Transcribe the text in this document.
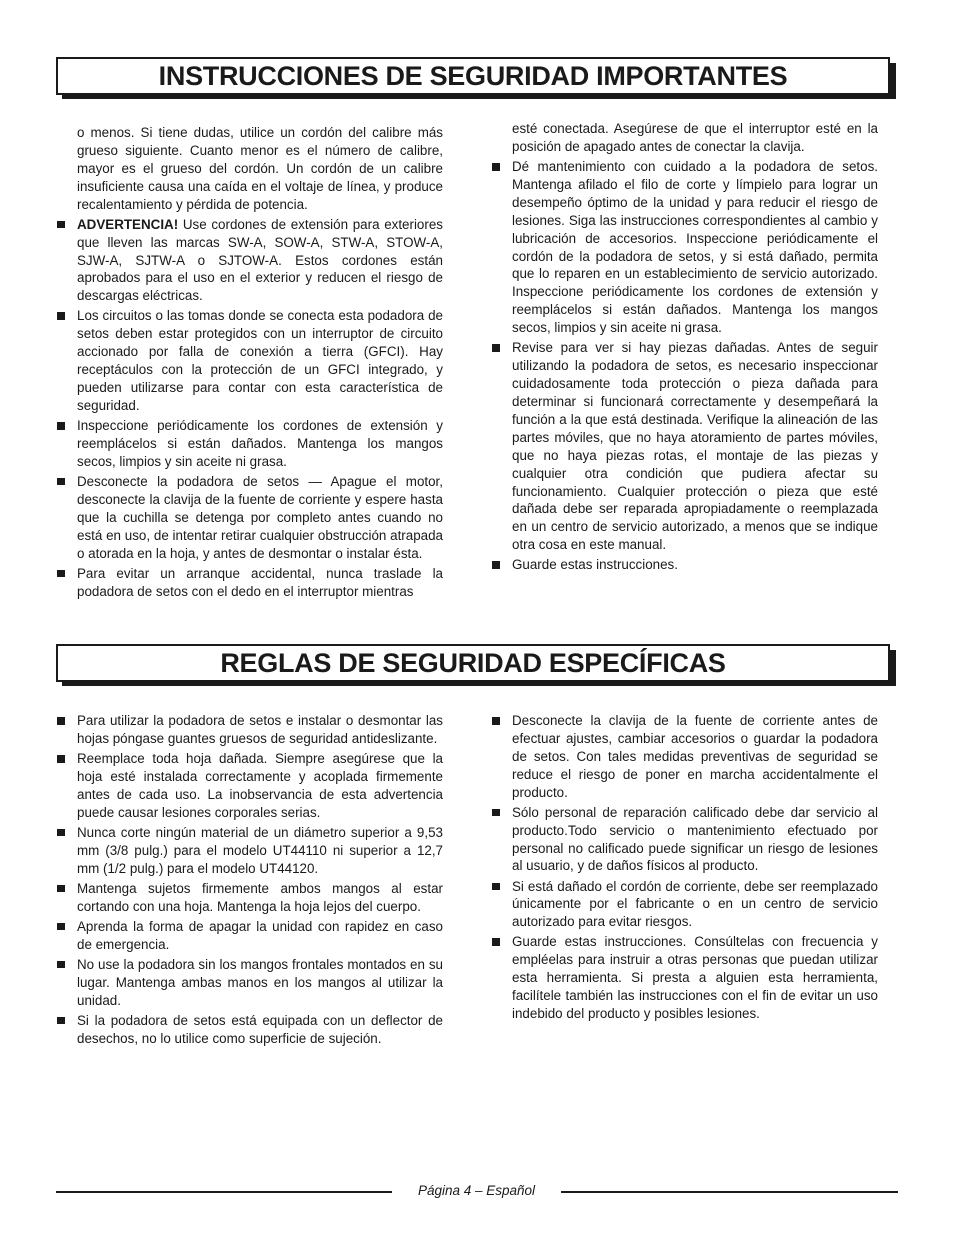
INSTRUCCIONES DE SEGURIDAD IMPORTANTES
o menos. Si tiene dudas, utilice un cordón del calibre más grueso siguiente. Cuanto menor es el número de calibre, mayor es el grueso del cordón. Un cordón de un calibre insuficiente causa una caída en el voltaje de línea, y produce recalentamiento y pérdida de potencia.
ADVERTENCIA! Use cordones de extensión para exteriores que lleven las marcas SW-A, SOW-A, STW-A, STOW-A, SJW-A, SJTW-A o SJTOW-A. Estos cordones están aprobados para el uso en el exterior y reducen el riesgo de descargas eléctricas.
Los circuitos o las tomas donde se conecta esta podadora de setos deben estar protegidos con un interruptor de circuito accionado por falla de conexión a tierra (GFCI). Hay receptáculos con la protección de un GFCI integrado, y pueden utilizarse para contar con esta característica de seguridad.
Inspeccione periódicamente los cordones de extensión y reemplácelos si están dañados. Mantenga los mangos secos, limpios y sin aceite ni grasa.
Desconecte la podadora de setos — Apague el motor, desconecte la clavija de la fuente de corriente y espere hasta que la cuchilla se detenga por completo antes cuando no está en uso, de intentar retirar cualquier obstrucción atrapada o atorada en la hoja, y antes de desmontar o instalar ésta.
Para evitar un arranque accidental, nunca traslade la podadora de setos con el dedo en el interruptor mientras
esté conectada. Asegúrese de que el interruptor esté en la posición de apagado antes de conectar la clavija.
Dé mantenimiento con cuidado a la podadora de setos. Mantenga afilado el filo de corte y límpielo para lograr un desempeño óptimo de la unidad y para reducir el riesgo de lesiones. Siga las instrucciones correspondientes al cambio y lubricación de accesorios. Inspeccione periódicamente el cordón de la podadora de setos, y si está dañado, permita que lo reparen en un establecimiento de servicio autorizado. Inspeccione periódicamente los cordones de extensión y reemplácelos si están dañados. Mantenga los mangos secos, limpios y sin aceite ni grasa.
Revise para ver si hay piezas dañadas. Antes de seguir utilizando la podadora de setos, es necesario inspeccionar cuidadosamente toda protección o pieza dañada para determinar si funcionará correctamente y desempeñará la función a la que está destinada. Verifique la alineación de las partes móviles, que no haya atoramiento de partes móviles, que no haya piezas rotas, el montaje de las piezas y cualquier otra condición que pudiera afectar su funcionamiento. Cualquier protección o pieza que esté dañada debe ser reparada apropiadamente o reemplazada en un centro de servicio autorizado, a menos que se indique otra cosa en este manual.
Guarde estas instrucciones.
REGLAS DE SEGURIDAD ESPECÍFICAS
Para utilizar la podadora de setos e instalar o desmontar las hojas póngase guantes gruesos de seguridad antideslizante.
Reemplace toda hoja dañada. Siempre asegúrese que la hoja esté instalada correctamente y acoplada firmemente antes de cada uso. La inobservancia de esta advertencia puede causar lesiones corporales serias.
Nunca corte ningún material de un diámetro superior a 9,53 mm (3/8 pulg.) para el modelo UT44110 ni superior a 12,7 mm (1/2 pulg.) para el modelo UT44120.
Mantenga sujetos firmemente ambos mangos al estar cortando con una hoja. Mantenga la hoja lejos del cuerpo.
Aprenda la forma de apagar la unidad con rapidez en caso de emergencia.
No use la podadora sin los mangos frontales montados en su lugar. Mantenga ambas manos en los mangos al utilizar la unidad.
Si la podadora de setos está equipada con un deflector de desechos, no lo utilice como superficie de sujeción.
Desconecte la clavija de la fuente de corriente antes de efectuar ajustes, cambiar accesorios o guardar la podadora de setos. Con tales medidas preventivas de seguridad se reduce el riesgo de poner en marcha accidentalmente el producto.
Sólo personal de reparación calificado debe dar servicio al producto.Todo servicio o mantenimiento efectuado por personal no calificado puede significar un riesgo de lesiones al usuario, y de daños físicos al producto.
Si está dañado el cordón de corriente, debe ser reemplazado únicamente por el fabricante o en un centro de servicio autorizado para evitar riesgos.
Guarde estas instrucciones. Consúltelas con frecuencia y empléelas para instruir a otras personas que puedan utilizar esta herramienta. Si presta a alguien esta herramienta, facilítele también las instrucciones con el fin de evitar un uso indebido del producto y posibles lesiones.
Página 4 – Español
